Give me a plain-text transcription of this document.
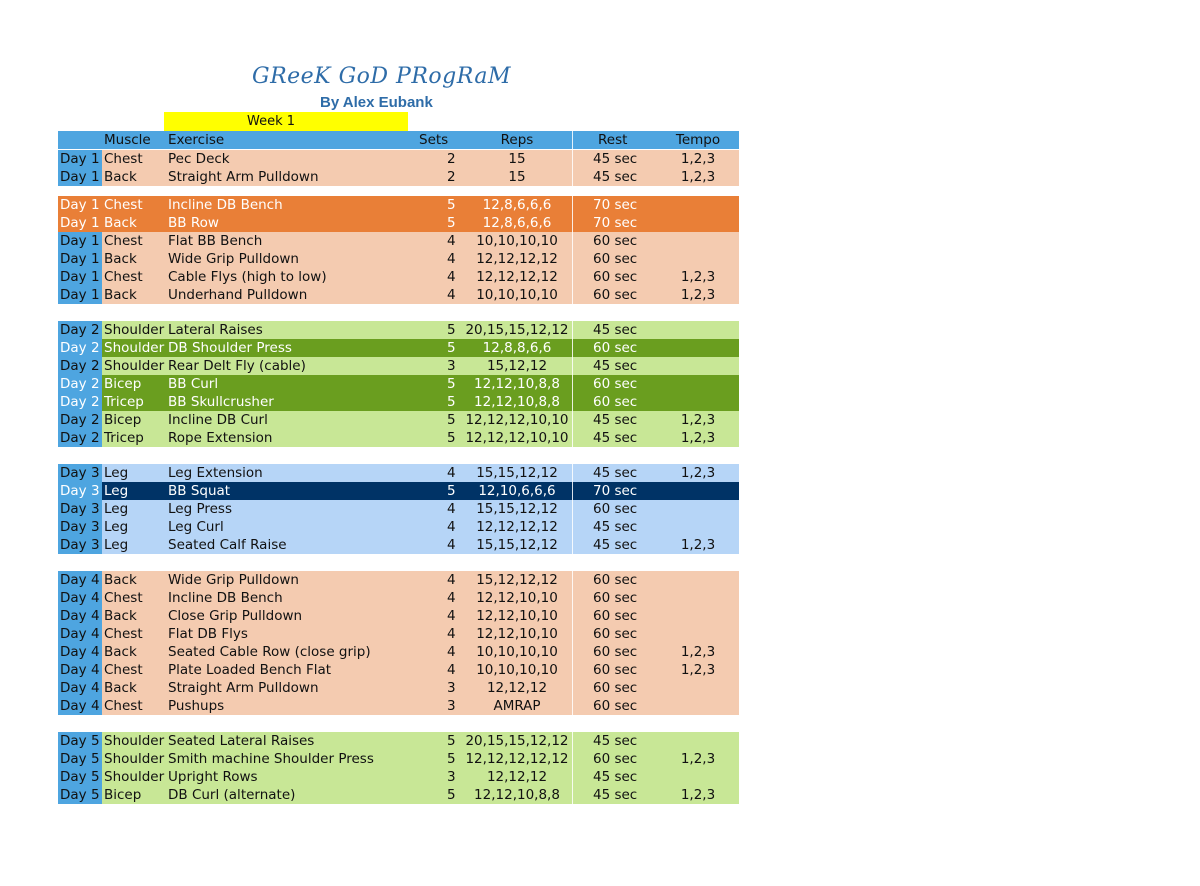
GReeK GoD PRogRaM
By Alex Eubank
Week 1
Muscle Exercise	Sets	Reps	Rest	Tempo
Day 1 Chest Pec Deck	2	15	45 sec	1,2,3
Day 1 Back Straight Arm Pulldown	2	15	45 sec	1,2,3
Day 1 Chest Incline DB Bench	5	12,8,6,6,6	70 sec
Day 1 Back BB Row	5	12,8,6,6,6	70 sec
Day 1 Chest Flat BB Bench	4	10,10,10,10	60 sec
Day 1 Back Wide Grip Pulldown	4	12,12,12,12	60 sec
Day 1 Chest Cable Flys (high to low)	4	12,12,12,12	60 sec	1,2,3
Day 1 Back Underhand Pulldown	4	10,10,10,10	60 sec	1,2,3
Day 2 Shoulder Lateral Raises	5 20,15,15,12,12 45 sec
Day 2 Shoulder DB Shoulder Press	5	12,8,8,6,6	60 sec
Day 2 Shoulder Rear Delt Fly (cable)	3	15,12,12	45 sec
Day 2 Bicep BB Curl	5	12,12,10,8,8	60 sec
Day 2 Tricep BB Skullcrusher	5	12,12,10,8,8	60 sec
Day 2 Bicep Incline DB Curl	5 12,12,12,10,10 45 sec	1,2,3
Day 2 Tricep Rope Extension	5 12,12,12,10,10 45 sec	1,2,3
Day 3 Leg	Leg Extension	4	15,15,12,12	45 sec	1,2,3
Day 3 Leg	BB Squat	5	12,10,6,6,6	70 sec
Day 3 Leg	Leg Press	4	15,15,12,12	60 sec
Day 3 Leg	Leg Curl	4	12,12,12,12	45 sec
Day 3 Leg	Seated Calf Raise	4	15,15,12,12	45 sec	1,2,3
Day 4 Back Wide Grip Pulldown	4	15,12,12,12	60 sec
Day 4 Chest Incline DB Bench	4	12,12,10,10	60 sec
Day 4 Back Close Grip Pulldown	4	12,12,10,10	60 sec
Day 4 Chest Flat DB Flys	4	12,12,10,10	60 sec
Day 4 Back Seated Cable Row (close grip)	4	10,10,10,10	60 sec	1,2,3
Day 4 Chest Plate Loaded Bench Flat	4	10,10,10,10	60 sec	1,2,3
Day 4 Back Straight Arm Pulldown	3	12,12,12	60 sec
Day 4 Chest Pushups	3	AMRAP	60 sec
Day 5 Shoulder Seated Lateral Raises	5 20,15,15,12,12 45 sec
Day 5 Shoulder Smith machine Shoulder Press	5 12,12,12,12,12 60 sec	1,2,3
Day 5 Shoulder Upright Rows	3	12,12,12	45 sec
Day 5 Bicep DB Curl (alternate)	5	12,12,10,8,8	45 sec	1,2,3
